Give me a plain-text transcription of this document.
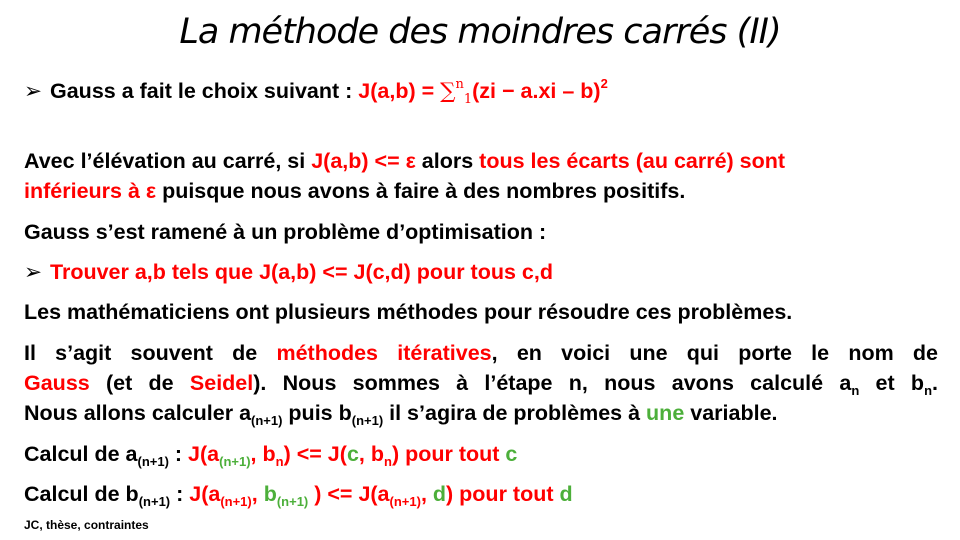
La méthode des moindres carrés (II)
➢ Gauss a fait le choix suivant : J(a,b) = ∑$^n_1$(zi − a.xi – b)$^2$
Avec l’élévation au carré, si J(a,b) <= ε alors tous les écarts (au carré) sont
inférieurs à ε puisque nous avons à faire à des nombres positifs.
Gauss s’est ramené à un problème d’optimisation :
➢ Trouver a,b tels que J(a,b) <= J(c,d) pour tous c,d
Les mathématiciens ont plusieurs méthodes pour résoudre ces problèmes.
Il s’agit souvent de méthodes itératives, en voici une qui porte le nom de
Gauss (et de Seidel). Nous sommes à l’étape n, nous avons calculé $a_n$ et $b_n$.
Nous allons calculer $a_{(n+1)}$ puis $b_{(n+1)}$ il s’agira de problèmes à une variable.
Calcul de $a_{(n+1)}$ : $J(a_{(n+1)}$, $b_n) <= J(c$, $b_n$) pour tout c
Calcul de $b_{(n+1)}$ : $J(a_{(n+1)}$, $b_{(n+1)}$ ) <= $J(a_{(n+1)}$, d) pour tout d
JC, thèse, contraintes
